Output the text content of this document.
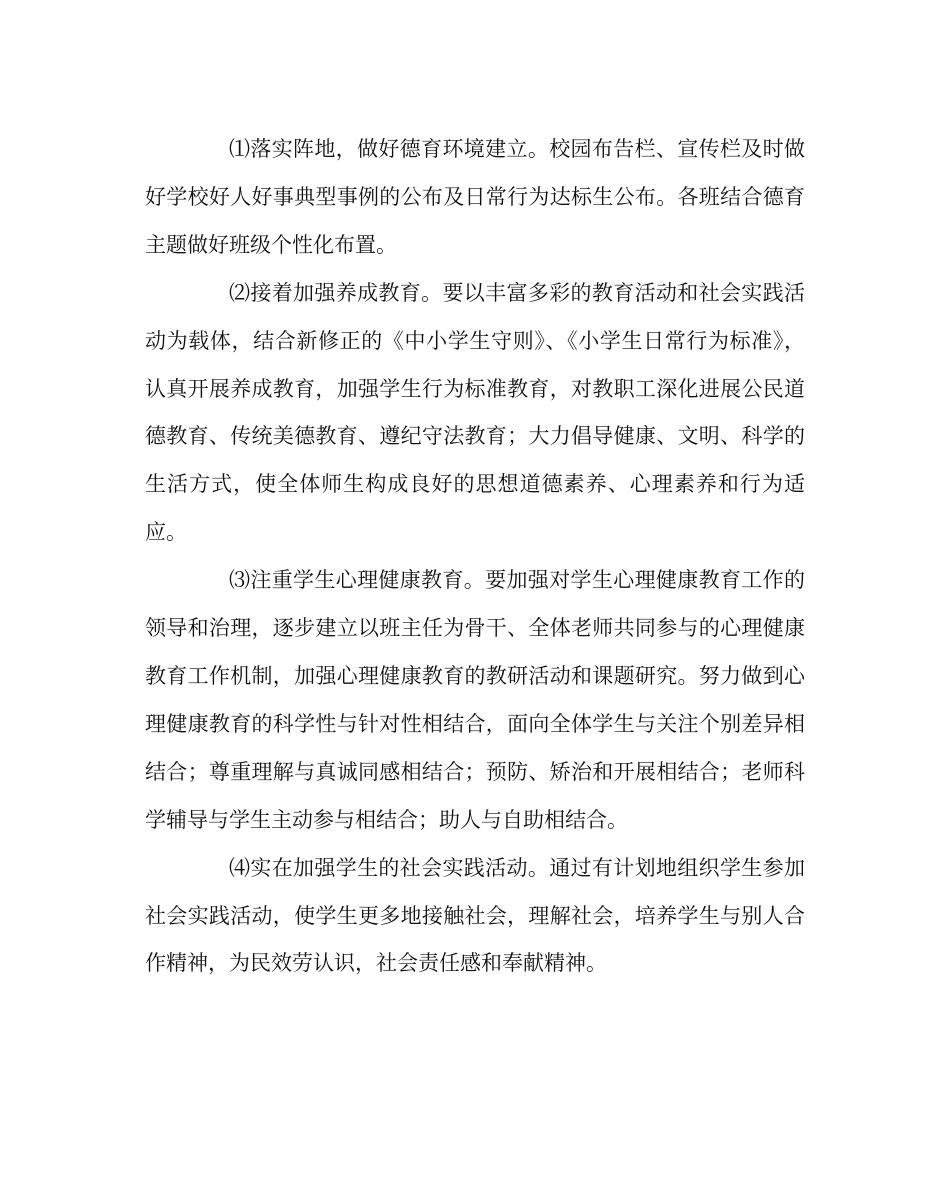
⑴落实阵地，做好德育环境建立。校园布告栏、宣传栏及时做好学校好人好事典型事例的公布及日常行为达标生公布。各班结合德育主题做好班级个性化布置。

⑵接着加强养成教育。要以丰富多彩的教育活动和社会实践活动为载体，结合新修正的《中小学生守则》、《小学生日常行为标准》，认真开展养成教育，加强学生行为标准教育，对教职工深化进展公民道德教育、传统美德教育、遵纪守法教育；大力倡导健康、文明、科学的生活方式，使全体师生构成良好的思想道德素养、心理素养和行为适应。

⑶注重学生心理健康教育。要加强对学生心理健康教育工作的领导和治理，逐步建立以班主任为骨干、全体老师共同参与的心理健康教育工作机制，加强心理健康教育的教研活动和课题研究。努力做到心理健康教育的科学性与针对性相结合，面向全体学生与关注个别差异相结合；尊重理解与真诚同感相结合；预防、矫治和开展相结合；老师科学辅导与学生主动参与相结合；助人与自助相结合。

⑷实在加强学生的社会实践活动。通过有计划地组织学生参加社会实践活动，使学生更多地接触社会，理解社会，培养学生与别人合作精神，为民效劳认识，社会责任感和奉献精神。
